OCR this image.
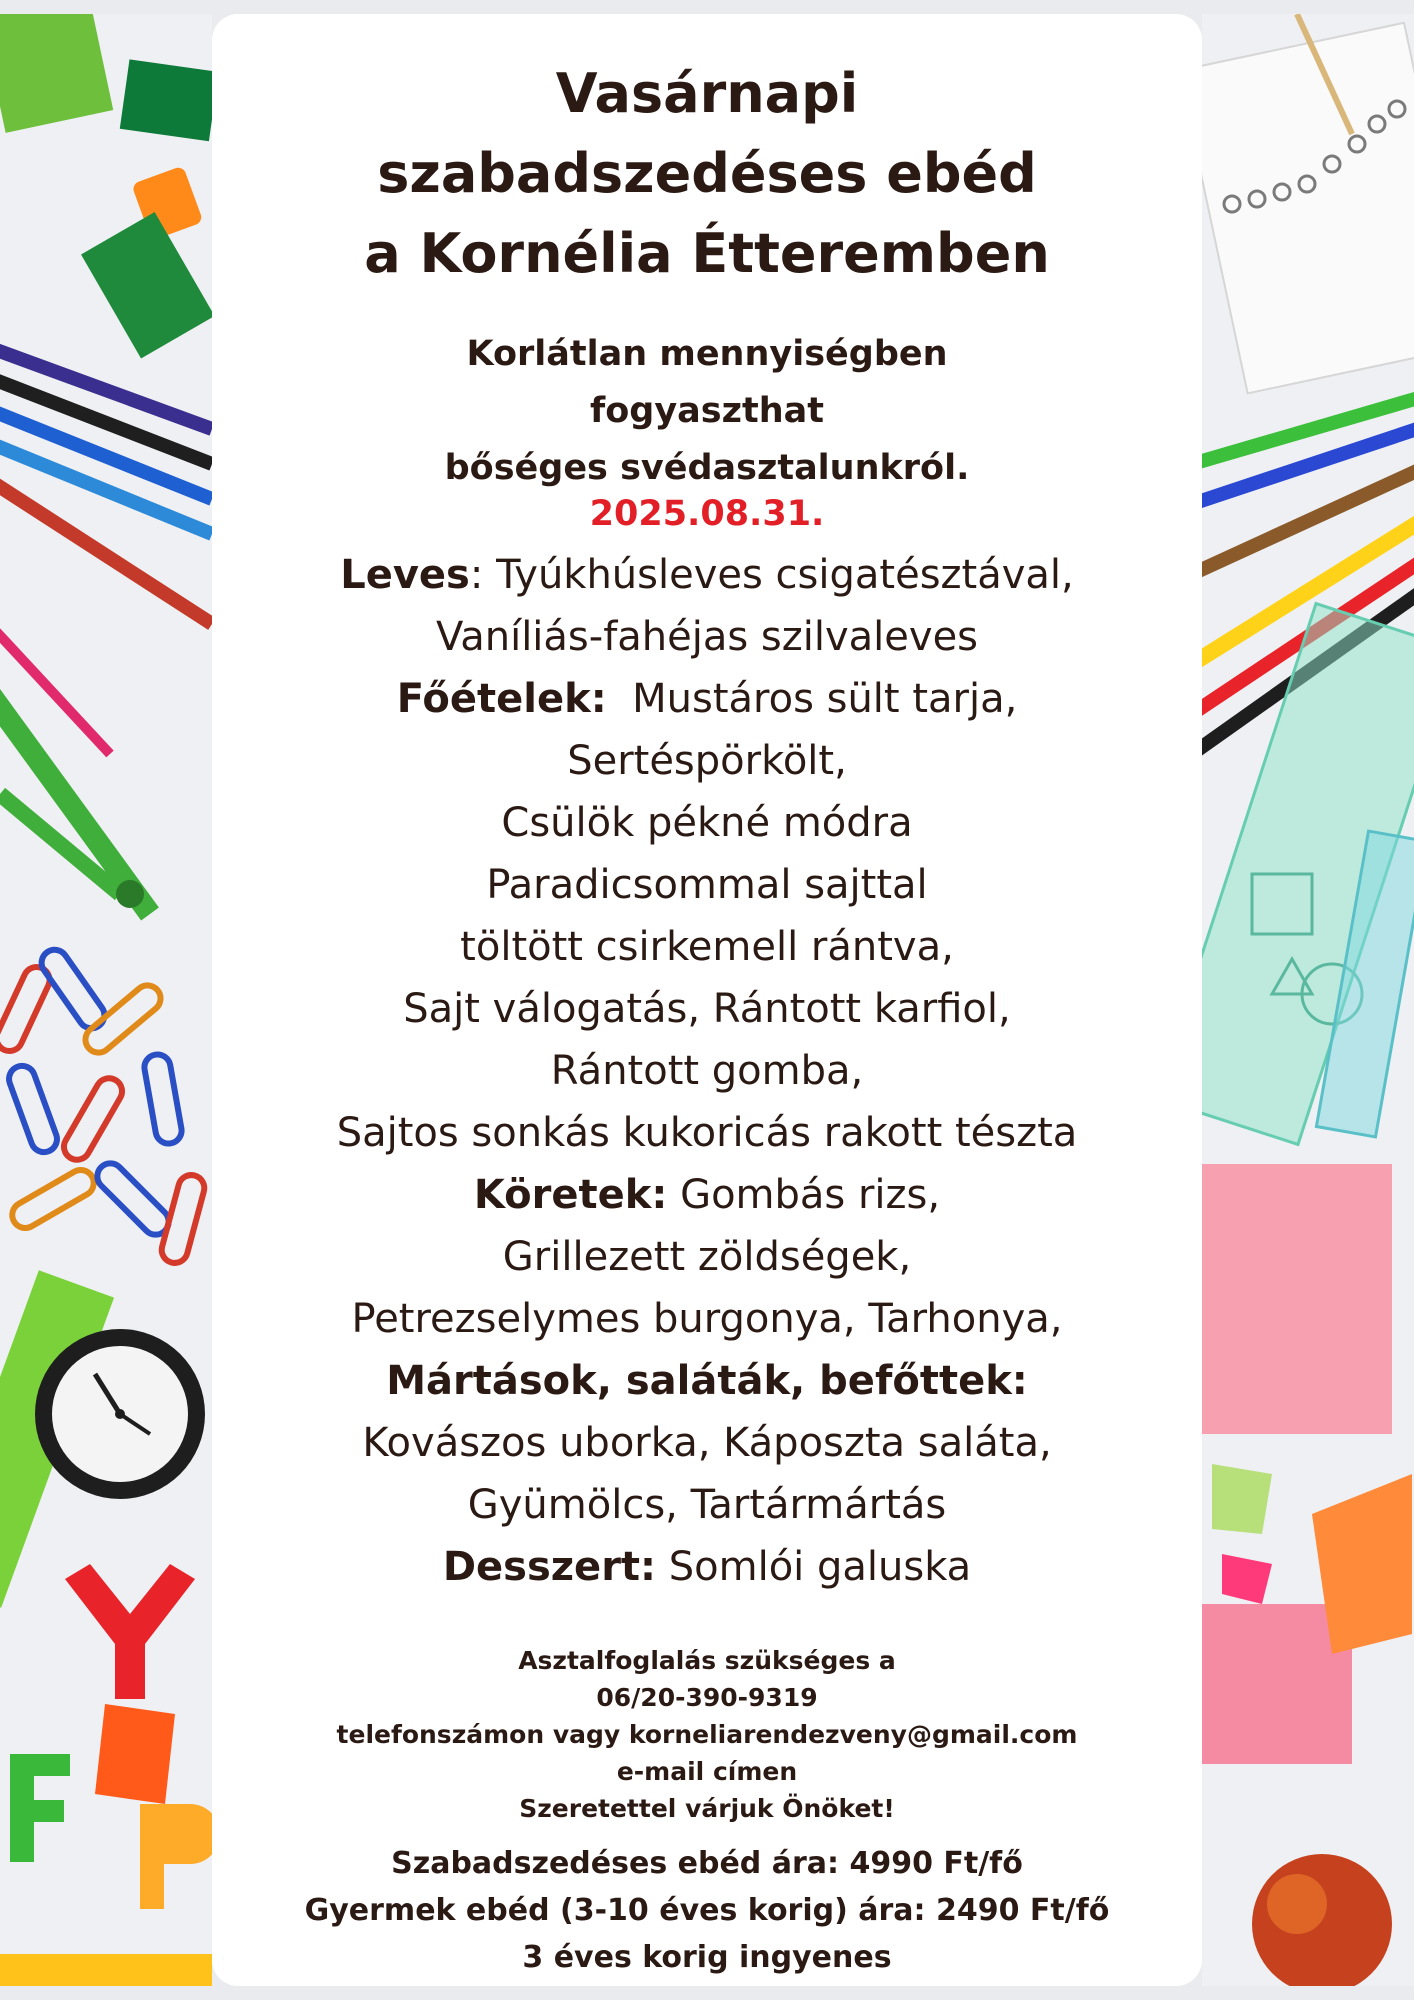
Vasárnapi
szabadszedéses ebéd
a Kornélia Étteremben
Korlátlan mennyiségben
fogyaszthat
bőséges svédasztalunkról.
2025.08.31.
Leves: Tyúkhúsleves csigatésztával,
Vaníliás-fahéjas szilvaleves
Főételek: Mustáros sült tarja,
Sertéspörkölt,
Csülök pékné módra
Paradicsommal sajttal
töltött csirkemell rántva,
Sajt válogatás, Rántott karfiol,
Rántott gomba,
Sajtos sonkás kukoricás rakott tészta
Köretek: Gombás rizs,
Grillezett zöldségek,
Petrezselymes burgonya, Tarhonya,
Mártások, saláták, befőttek:
Kovászos uborka, Káposzta saláta,
Gyümölcs, Tartármártás
Desszert: Somlói galuska
Asztalfoglalás szükséges a
06/20-390-9319
telefonszámon vagy korneliarendezveny@gmail.com
e-mail címen
Szeretettel várjuk Önöket!
Szabadszedéses ebéd ára: 4990 Ft/fő
Gyermek ebéd (3-10 éves korig) ára: 2490 Ft/fő
3 éves korig ingyenes
